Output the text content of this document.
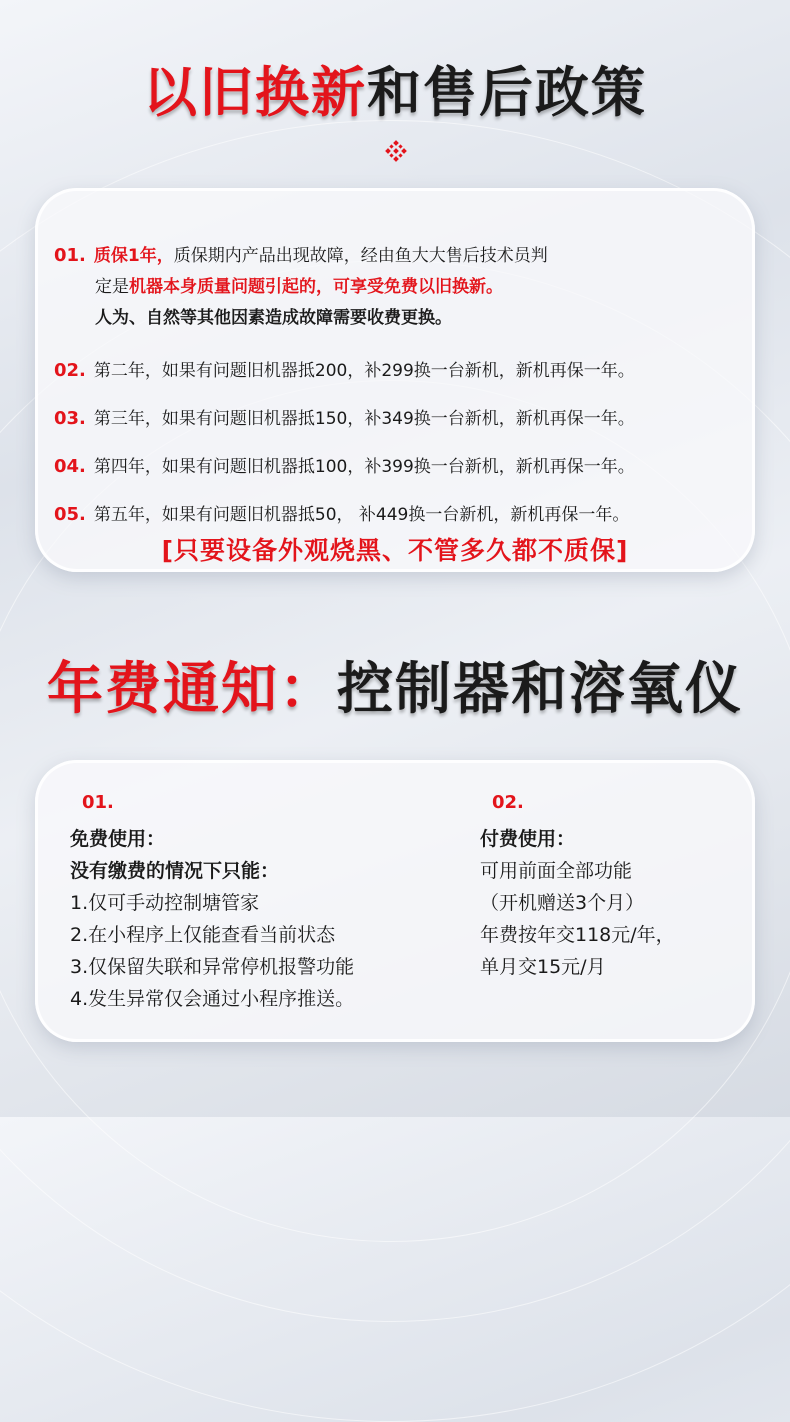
以旧换新和售后政策
01. 质保1年，质保期内产品出现故障，经由鱼大大售后技术员判
定是机器本身质量问题引起的，可享受免费以旧换新。
人为、自然等其他因素造成故障需要收费更换。
02. 第二年，如果有问题旧机器抵200，补299换一台新机，新机再保一年。
03. 第三年，如果有问题旧机器抵150，补349换一台新机，新机再保一年。
04. 第四年，如果有问题旧机器抵100，补399换一台新机，新机再保一年。
05. 第五年，如果有问题旧机器抵50， 补449换一台新机，新机再保一年。
[只要设备外观烧黑、不管多久都不质保]
年费通知：控制器和溶氧仪
01.
免费使用：
没有缴费的情况下只能：
1.仅可手动控制塘管家
2.在小程序上仅能查看当前状态
3.仅保留失联和异常停机报警功能
4.发生异常仅会通过小程序推送。
02.
付费使用：
可用前面全部功能
（开机赠送3个月）
年费按年交118元/年，
单月交15元/月
